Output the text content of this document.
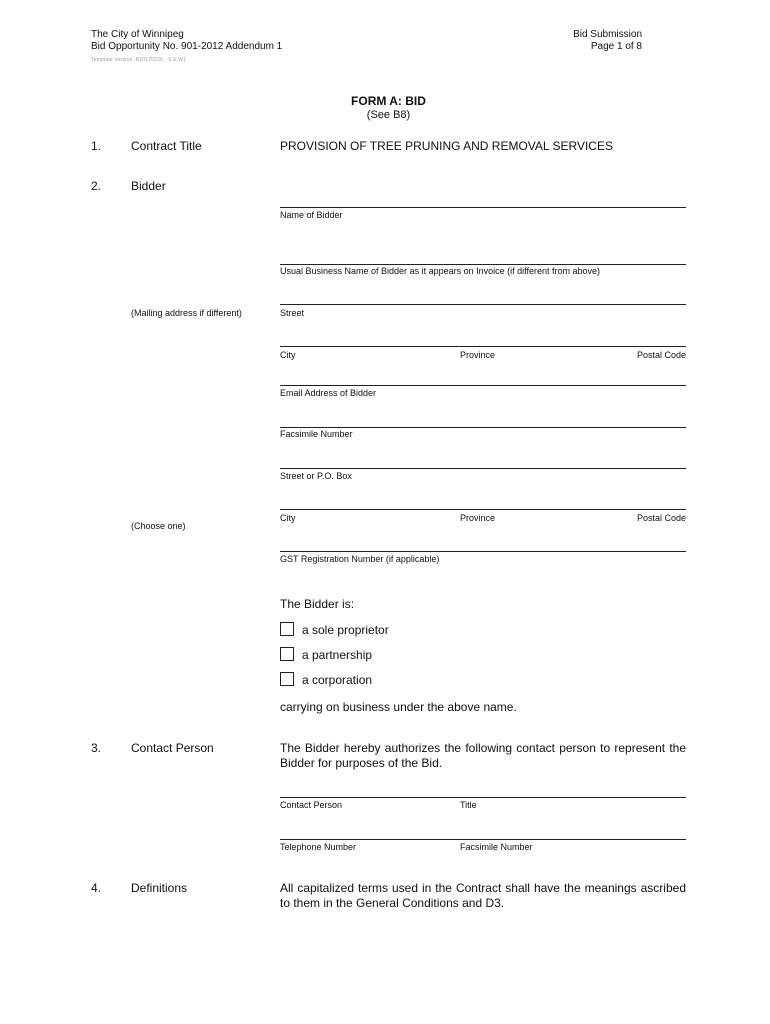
The City of Winnipeg
Bid Opportunity No. 901-2012 Addendum 1
Template Version: B20120226 - S.E.W1
Bid Submission
Page 1 of 8
FORM A: BID
(See B8)
1. Contract Title	PROVISION OF TREE PRUNING AND REMOVAL SERVICES
2. Bidder
Name of Bidder
Usual Business Name of Bidder as it appears on Invoice (if different from above)
(Mailing address if different)	Street
City	Province	Postal Code
Email Address of Bidder
Facsimile Number
Street or P.O. Box
City	Province	Postal Code
(Choose one)
GST Registration Number (if applicable)
The Bidder is:
a sole proprietor
a partnership
a corporation
carrying on business under the above name.
3. Contact Person	The Bidder hereby authorizes the following contact person to represent the Bidder for purposes of the Bid.
Contact Person	Title
Telephone Number	Facsimile Number
4. Definitions	All capitalized terms used in the Contract shall have the meanings ascribed to them in the General Conditions and D3.
